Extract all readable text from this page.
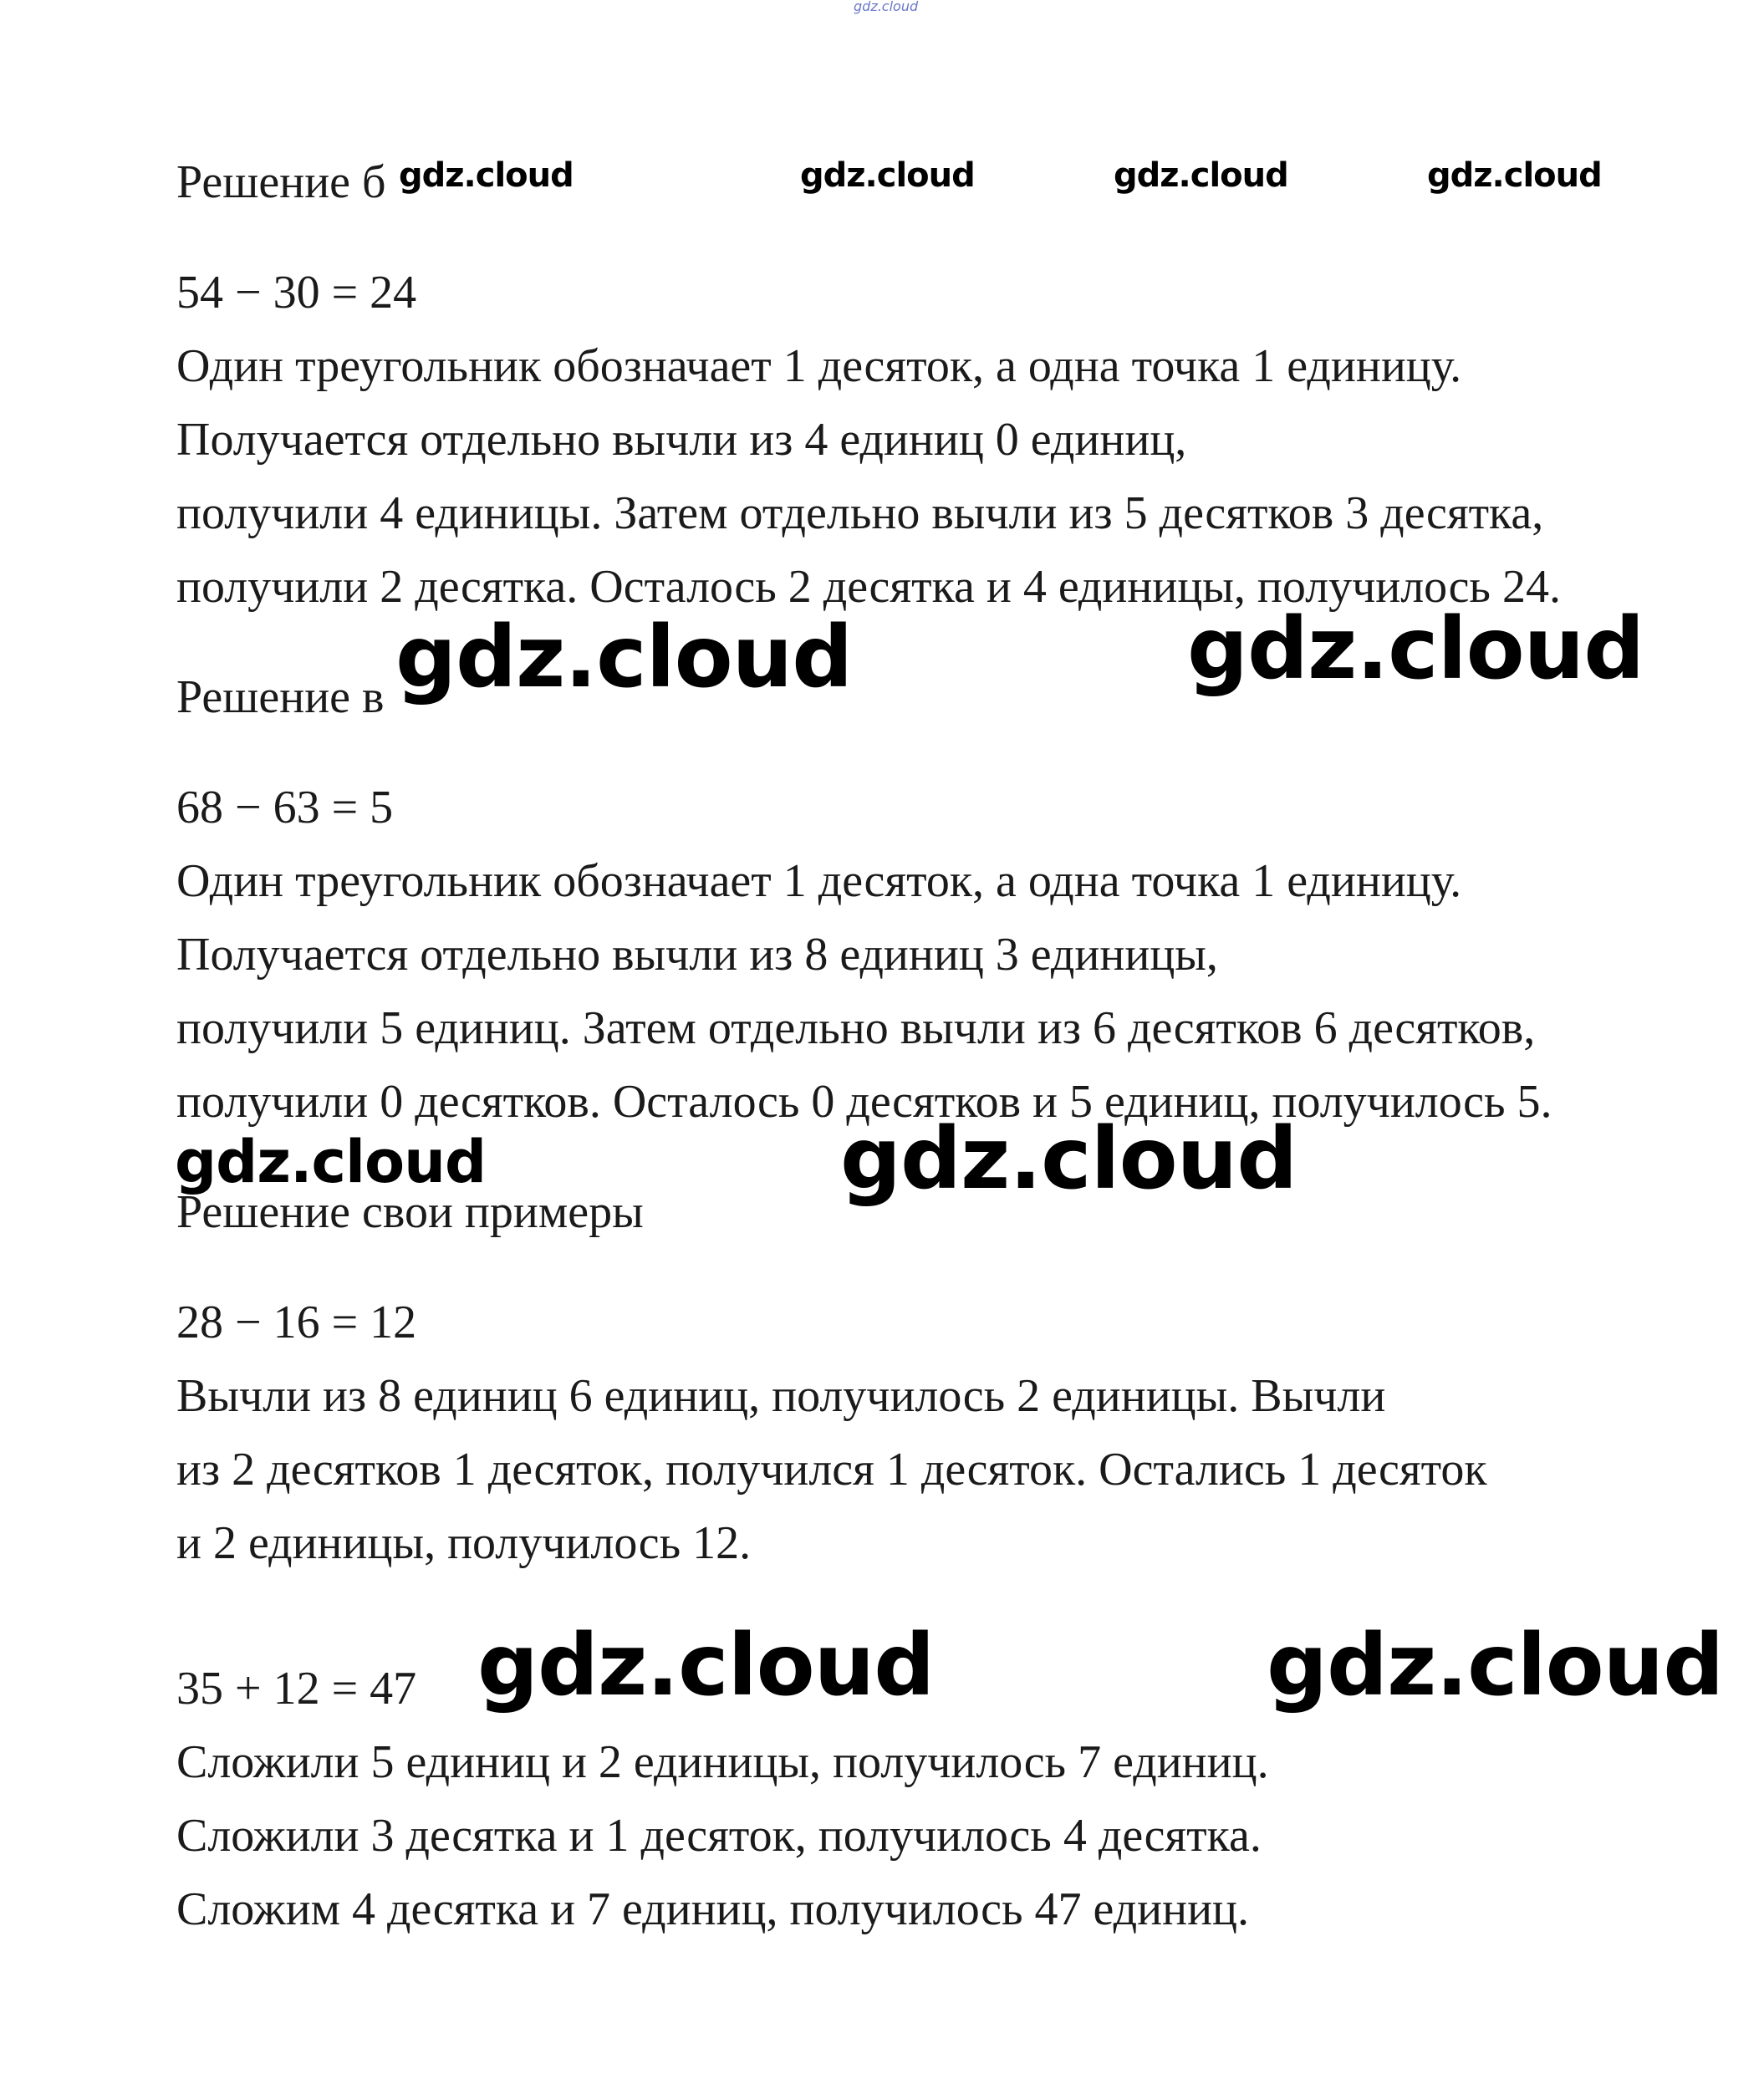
gdz.cloud
Решение б gdz.cloud	gdz.cloud	gdz.cloud	gdz.cloud
54 − 30 = 24
Один треугольник обозначает 1 десяток, а одна точка 1 единицу.
Получается отдельно вычли из 4 единиц 0 единиц,
получили 4 единицы. Затем отдельно вычли из 5 десятков 3 десятка,
получили 2 десятка. Осталось 2 десятка и 4 единицы, получилось 24.
Решение в gdz.cloud	gdz.cloud
68 − 63 = 5
Один треугольник обозначает 1 десяток, а одна точка 1 единицу.
Получается отдельно вычли из 8 единиц 3 единицы,
получили 5 единиц. Затем отдельно вычли из 6 десятков 6 десятков,
получили 0 десятков. Осталось 0 десятков и 5 единиц, получилось 5.
gdz.cloud	gdz.cloud
Решение свои примеры
28 − 16 = 12
Вычли из 8 единиц 6 единиц, получилось 2 единицы. Вычли
из 2 десятков 1 десяток, получился 1 десяток. Остались 1 десяток
и 2 единицы, получилось 12.
35 + 12 = 47 gdz.cloud	gdz.cloud
Сложили 5 единиц и 2 единицы, получилось 7 единиц.
Сложили 3 десятка и 1 десяток, получилось 4 десятка.
Сложим 4 десятка и 7 единиц, получилось 47 единиц.
